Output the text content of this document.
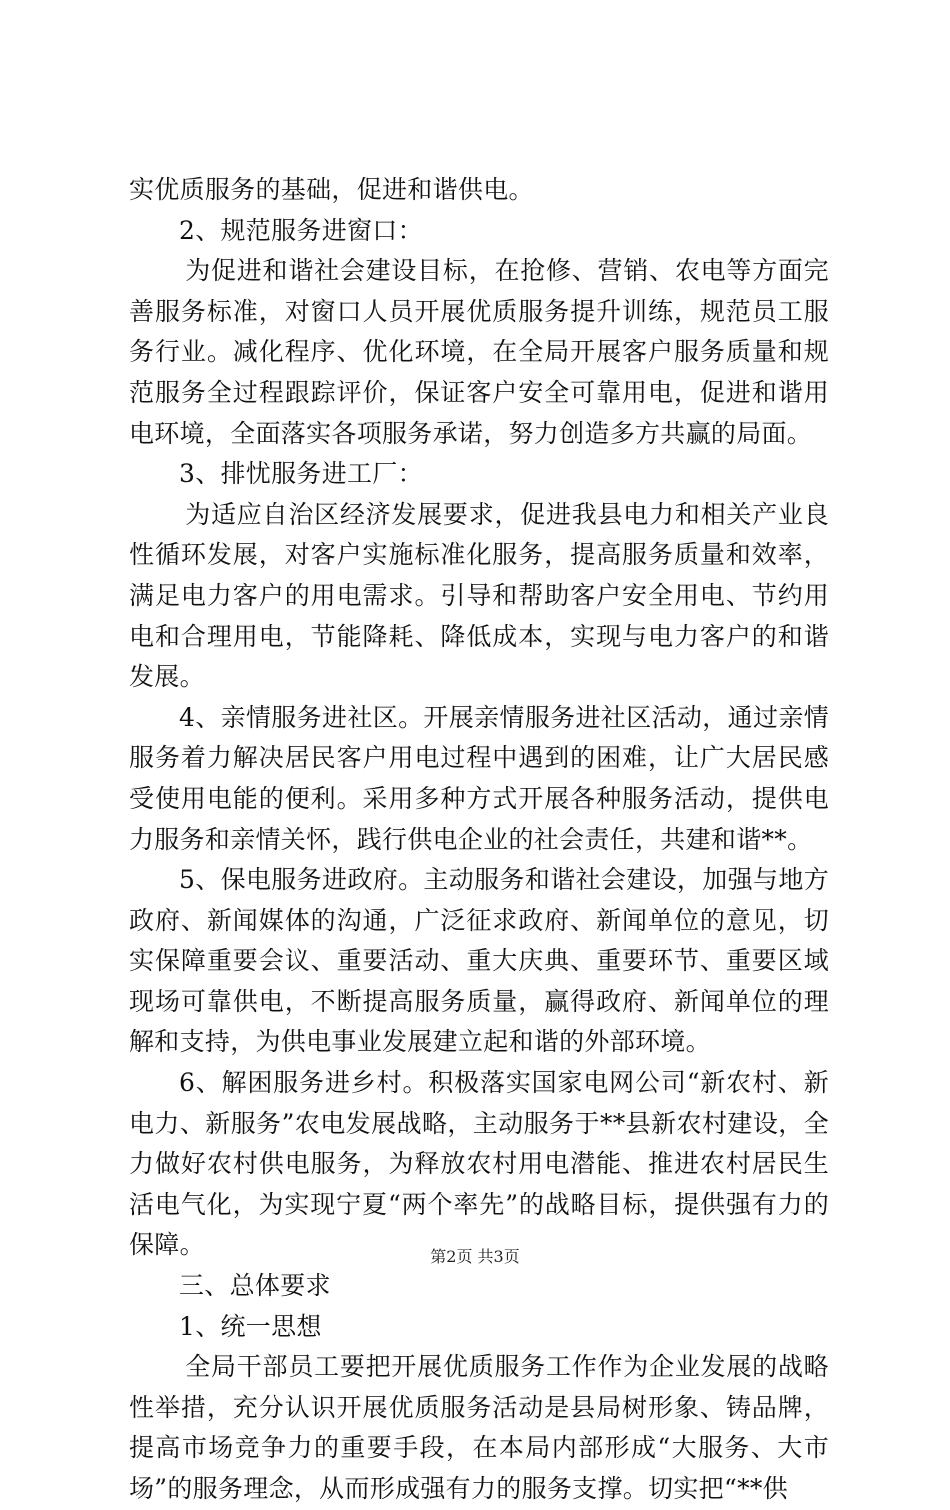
实优质服务的基础，促进和谐供电。

2、规范服务进窗口：

为促进和谐社会建设目标，在抢修、营销、农电等方面完善服务标准，对窗口人员开展优质服务提升训练，规范员工服务行业。减化程序、优化环境，在全局开展客户服务质量和规范服务全过程跟踪评价，保证客户安全可靠用电，促进和谐用电环境，全面落实各项服务承诺，努力创造多方共赢的局面。

3、排忧服务进工厂：

为适应自治区经济发展要求，促进我县电力和相关产业良性循环发展，对客户实施标准化服务，提高服务质量和效率，满足电力客户的用电需求。引导和帮助客户安全用电、节约用电和合理用电，节能降耗、降低成本，实现与电力客户的和谐发展。

4、亲情服务进社区。开展亲情服务进社区活动，通过亲情服务着力解决居民客户用电过程中遇到的困难，让广大居民感受使用电能的便利。采用多种方式开展各种服务活动，提供电力服务和亲情关怀，践行供电企业的社会责任，共建和谐**。

5、保电服务进政府。主动服务和谐社会建设，加强与地方政府、新闻媒体的沟通，广泛征求政府、新闻单位的意见，切实保障重要会议、重要活动、重大庆典、重要环节、重要区域现场可靠供电，不断提高服务质量，赢得政府、新闻单位的理解和支持，为供电事业发展建立起和谐的外部环境。

6、解困服务进乡村。积极落实国家电网公司“新农村、新电力、新服务”农电发展战略，主动服务于**县新农村建设，全力做好农村供电服务，为释放农村用电潜能、推进农村居民生活电气化，为实现宁夏“两个率先”的战略目标，提供强有力的保障。

三、总体要求

1、统一思想

全局干部员工要把开展优质服务工作作为企业发展的战略性举措，充分认识开展优质服务活动是县局树形象、铸品牌，提高市场竞争力的重要手段，在本局内部形成“大服务、大市场”的服务理念，从而形成强有力的服务支撑。切实把“**供

第2页 共3页
